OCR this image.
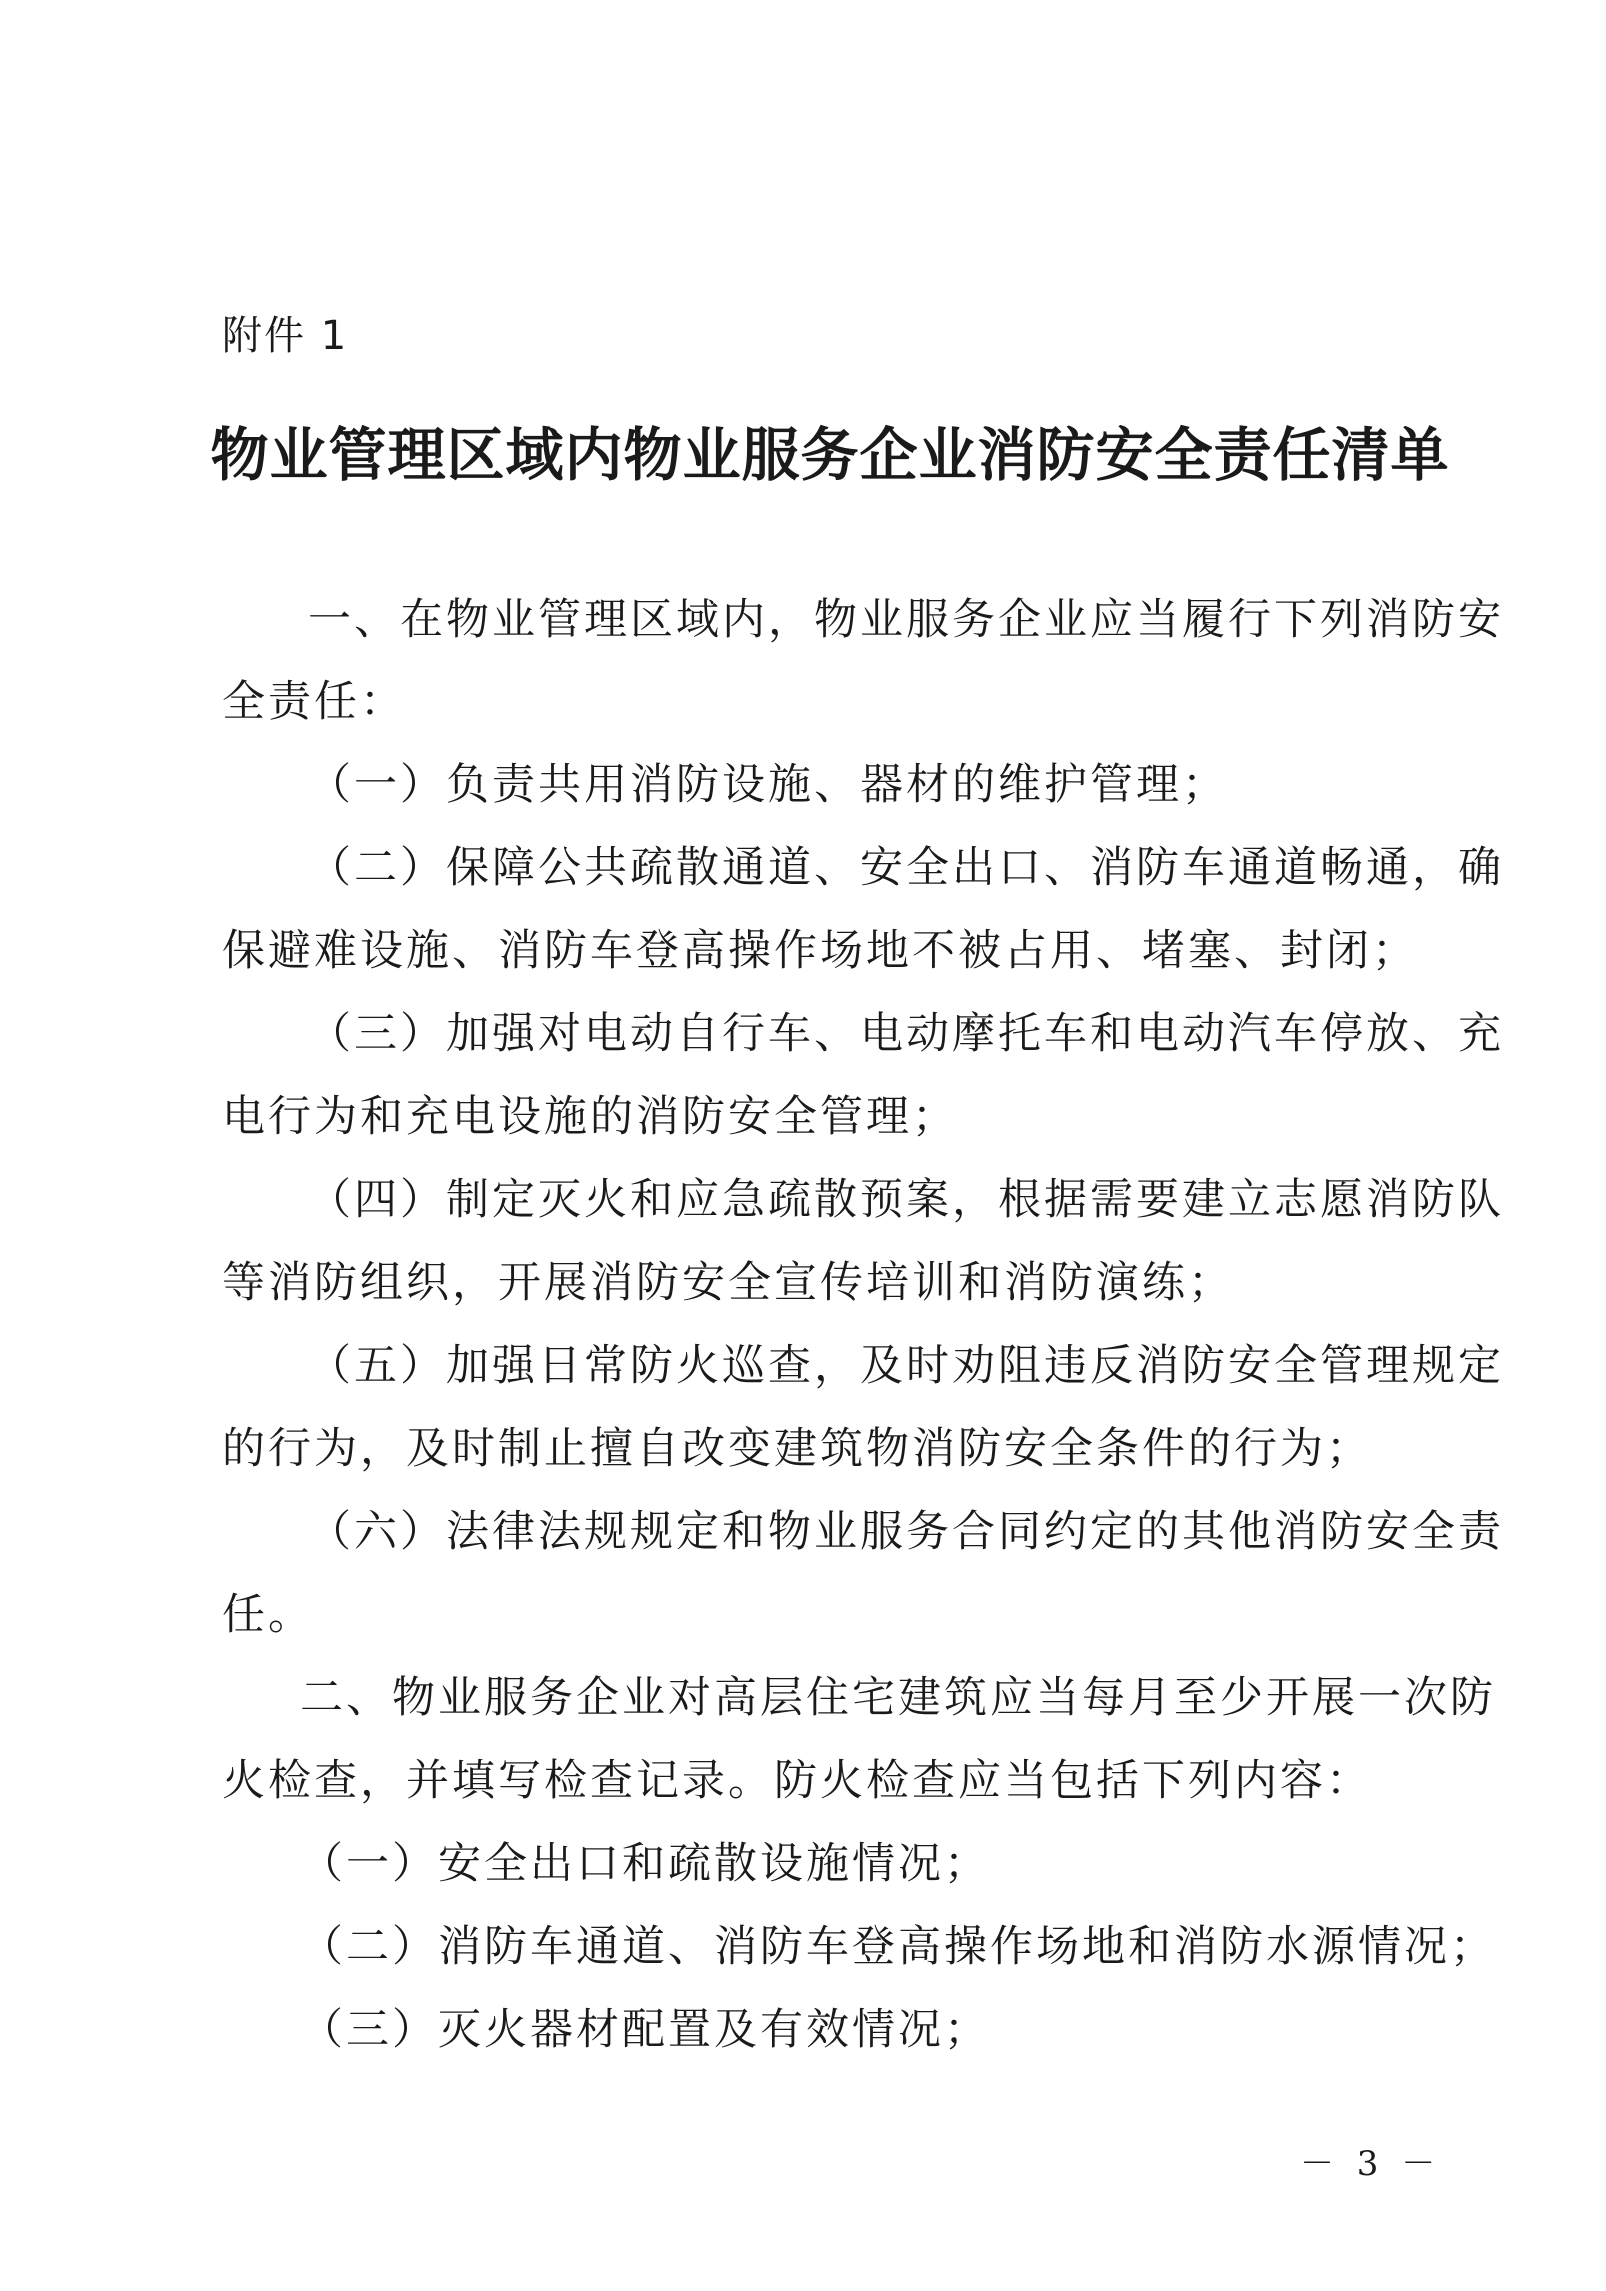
附件 1

物业管理区域内物业服务企业消防安全责任清单

一、在物业管理区域内，物业服务企业应当履行下列消防安

全责任：

（一）负责共用消防设施、器材的维护管理；

（二）保障公共疏散通道、安全出口、消防车通道畅通，确

保避难设施、消防车登高操作场地不被占用、堵塞、封闭；

（三）加强对电动自行车、电动摩托车和电动汽车停放、充

电行为和充电设施的消防安全管理；

（四）制定灭火和应急疏散预案，根据需要建立志愿消防队

等消防组织，开展消防安全宣传培训和消防演练；

（五）加强日常防火巡查，及时劝阻违反消防安全管理规定

的行为，及时制止擅自改变建筑物消防安全条件的行为；

（六）法律法规规定和物业服务合同约定的其他消防安全责

任。

二、物业服务企业对高层住宅建筑应当每月至少开展一次防

火检查，并填写检查记录。防火检查应当包括下列内容：

（一）安全出口和疏散设施情况；

（二）消防车通道、消防车登高操作场地和消防水源情况；

（三）灭火器材配置及有效情况；

－ 3 －
